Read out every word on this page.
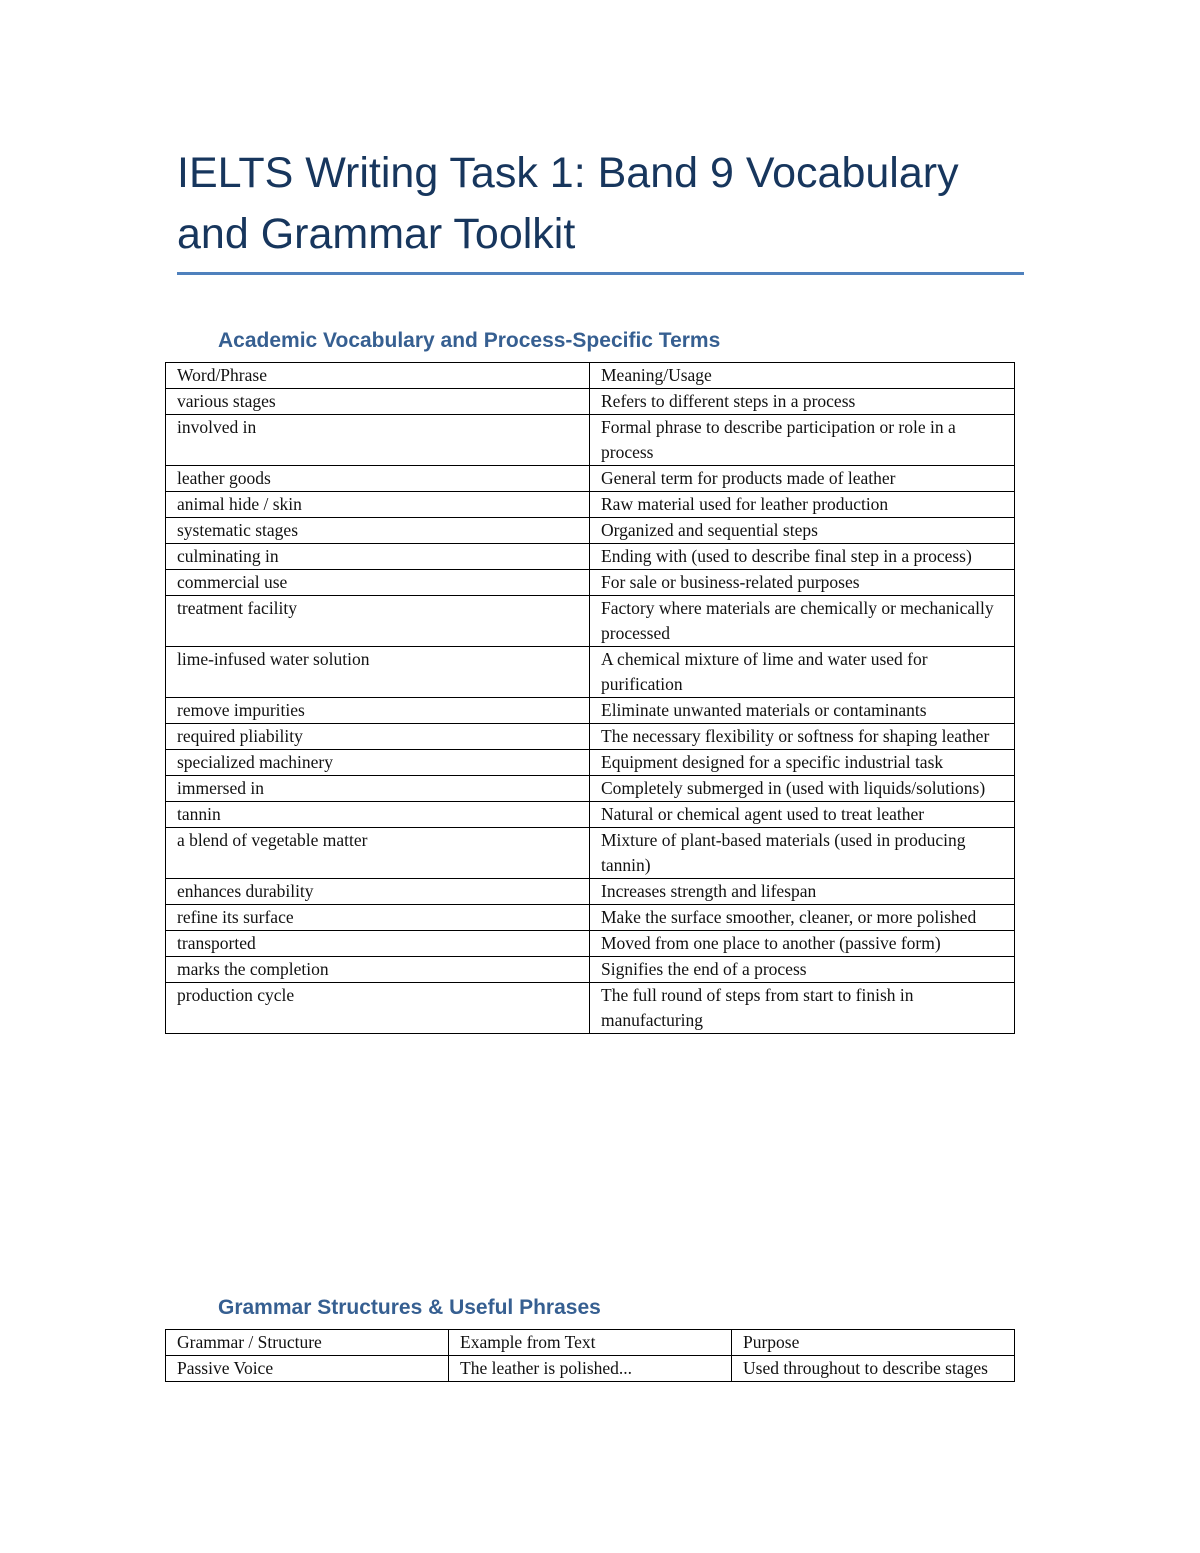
IELTS Writing Task 1: Band 9 Vocabulary and Grammar Toolkit
Academic Vocabulary and Process-Specific Terms
Word/Phrase	Meaning/Usage
various stages	Refers to different steps in a process
involved in	Formal phrase to describe participation or role in a process
leather goods	General term for products made of leather
animal hide / skin	Raw material used for leather production
systematic stages	Organized and sequential steps
culminating in	Ending with (used to describe final step in a process)
commercial use	For sale or business-related purposes
treatment facility	Factory where materials are chemically or mechanically processed
lime-infused water solution	A chemical mixture of lime and water used for purification
remove impurities	Eliminate unwanted materials or contaminants
required pliability	The necessary flexibility or softness for shaping leather
specialized machinery	Equipment designed for a specific industrial task
immersed in	Completely submerged in (used with liquids/solutions)
tannin	Natural or chemical agent used to treat leather
a blend of vegetable matter	Mixture of plant-based materials (used in producing tannin)
enhances durability	Increases strength and lifespan
refine its surface	Make the surface smoother, cleaner, or more polished
transported	Moved from one place to another (passive form)
marks the completion	Signifies the end of a process
production cycle	The full round of steps from start to finish in manufacturing
Grammar Structures & Useful Phrases
Grammar / Structure	Example from Text	Purpose
Passive Voice	The leather is polished...	Used throughout to describe stages
